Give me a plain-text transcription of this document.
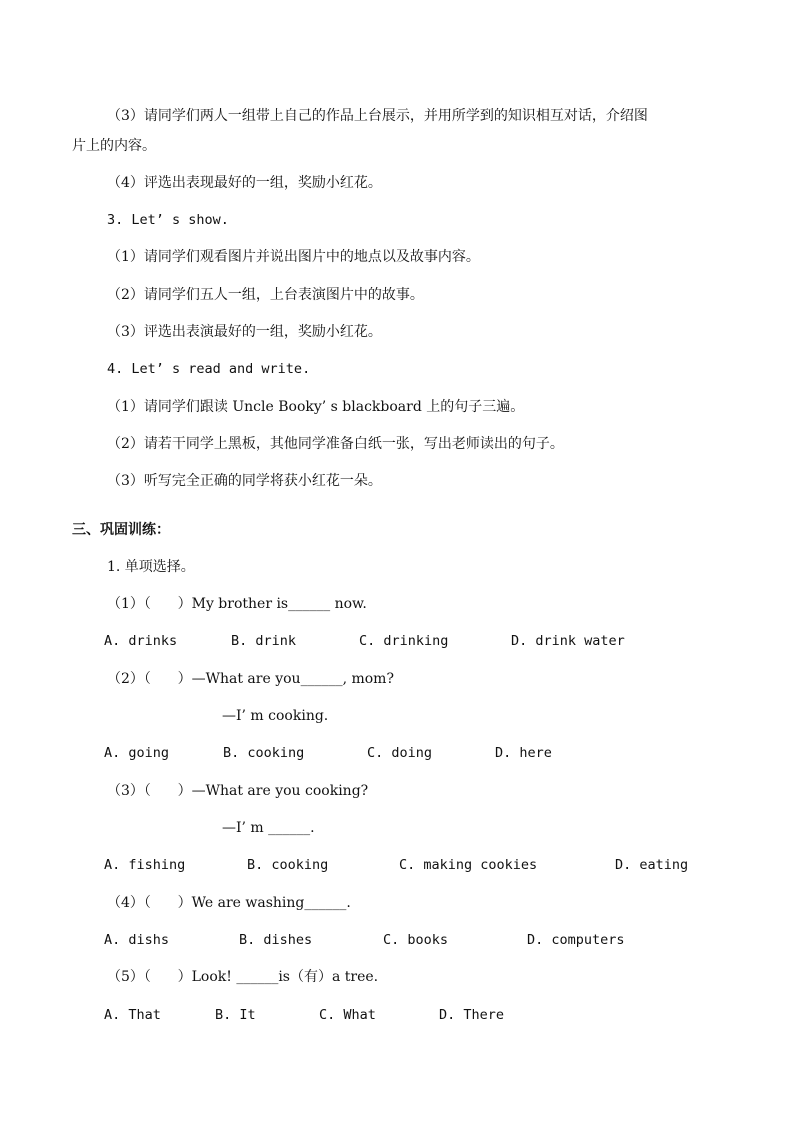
（3）请同学们两人一组带上自己的作品上台展示，并用所学到的知识相互对话，介绍图
片上的内容。
（4）评选出表现最好的一组，奖励小红花。
3. Let’ s show.
（1）请同学们观看图片并说出图片中的地点以及故事内容。
（2）请同学们五人一组，上台表演图片中的故事。
（3）评选出表演最好的一组，奖励小红花。
4. Let’ s read and write.
（1）请同学们跟读 Uncle Booky’ s blackboard 上的句子三遍。
（2）请若干同学上黑板，其他同学准备白纸一张，写出老师读出的句子。
（3）听写完全正确的同学将获小红花一朵。
三、巩固训练：
1. 单项选择。
（1）（      ）My brother is______ now.
A. drinks	B. drink	C. drinking	D. drink water
（2）（      ）—What are you______, mom?
—I’ m cooking.
A. going	B. cooking	C. doing	D. here
（3）（      ）—What are you cooking?
—I’ m ______.
A. fishing	B. cooking	C. making cookies	D. eating
（4）（      ）We are washing______.
A. dishs	B. dishes	C. books	D. computers
（5）（      ）Look! ______is（有）a tree.
A. That	B. It	C. What	D. There
